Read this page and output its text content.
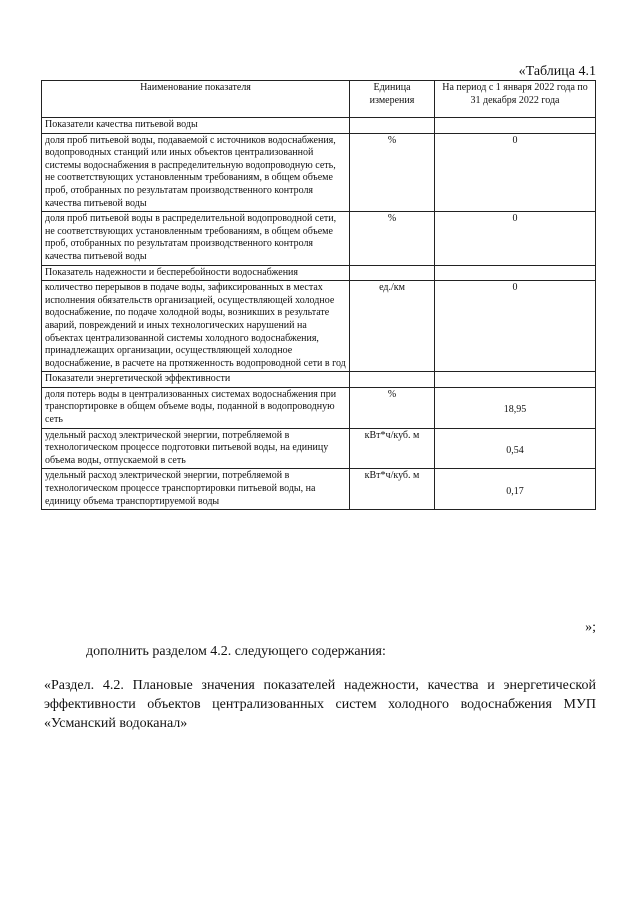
«Таблица 4.1
Наименование показателя	Единица измерения	На период с 1 января 2022 года по 31 декабря 2022 года
Показатели качества питьевой воды		
доля проб питьевой воды, подаваемой с источников водоснабжения, водопроводных станций или иных объектов централизованной системы водоснабжения в распределительную водопроводную сеть, не соответствующих установленным требованиям, в общем объеме проб, отобранных по результатам производственного контроля качества питьевой воды	%	0
доля проб питьевой воды в распределительной водопроводной сети, не соответствующих установленным требованиям, в общем объеме проб, отобранных по результатам производственного контроля качества питьевой воды	%	0
Показатель надежности и бесперебойности водоснабжения		
количество перерывов в подаче воды, зафиксированных в местах исполнения обязательств организацией, осуществляющей холодное водоснабжение, по подаче холодной воды, возникших в результате аварий, повреждений и иных технологических нарушений на объектах централизованной системы холодного водоснабжения, принадлежащих организации, осуществляющей холодное водоснабжение, в расчете на протяженность водопроводной сети в год	ед./км	0
Показатели энергетической эффективности		
доля потерь воды в централизованных системах водоснабжения при транспортировке в общем объеме воды, поданной в водопроводную сеть	%	18,95
удельный расход электрической энергии, потребляемой в технологическом процессе подготовки питьевой воды, на единицу объема воды, отпускаемой в сеть	кВт*ч/куб. м	0,54
удельный расход электрической энергии, потребляемой в технологическом процессе транспортировки питьевой воды, на единицу объема транспортируемой воды	кВт*ч/куб. м	0,17
»;
дополнить разделом 4.2. следующего содержания:
«Раздел. 4.2. Плановые значения показателей надежности, качества и энергетической эффективности объектов централизованных систем холодного водоснабжения МУП «Усманский водоканал»
